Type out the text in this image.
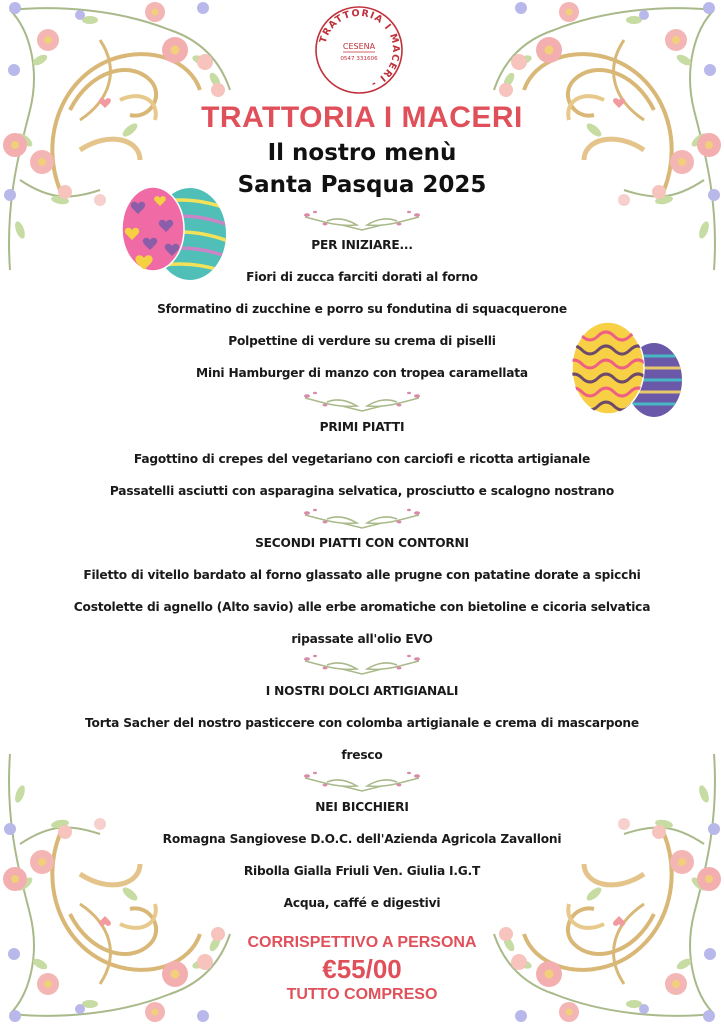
TRATTORIA I MACERI -
CESENA
0547 331606
TRATTORIA I MACERI
Il nostro menù
Santa Pasqua 2025
PER INIZIARE...
Fiori di zucca farciti dorati al forno
Sformatino di zucchine e porro su fondutina di squacquerone
Polpettine di verdure su crema di piselli
Mini Hamburger di manzo con tropea caramellata
PRIMI PIATTI
Fagottino di crepes del vegetariano con carciofi e ricotta artigianale
Passatelli asciutti con asparagina selvatica, prosciutto e scalogno nostrano
SECONDI PIATTI CON CONTORNI
Filetto di vitello bardato al forno glassato alle prugne con patatine dorate a spicchi
Costolette di agnello (Alto savio) alle erbe aromatiche con bietoline e cicoria selvatica
ripassate all'olio EVO
I NOSTRI DOLCI ARTIGIANALI
Torta Sacher del nostro pasticcere con colomba artigianale e crema di mascarpone
fresco
NEI BICCHIERI
Romagna Sangiovese D.O.C. dell'Azienda Agricola Zavalloni
Ribolla Gialla Friuli Ven. Giulia I.G.T
Acqua, caffé e digestivi
CORRISPETTIVO A PERSONA
€55/00
TUTTO COMPRESO
